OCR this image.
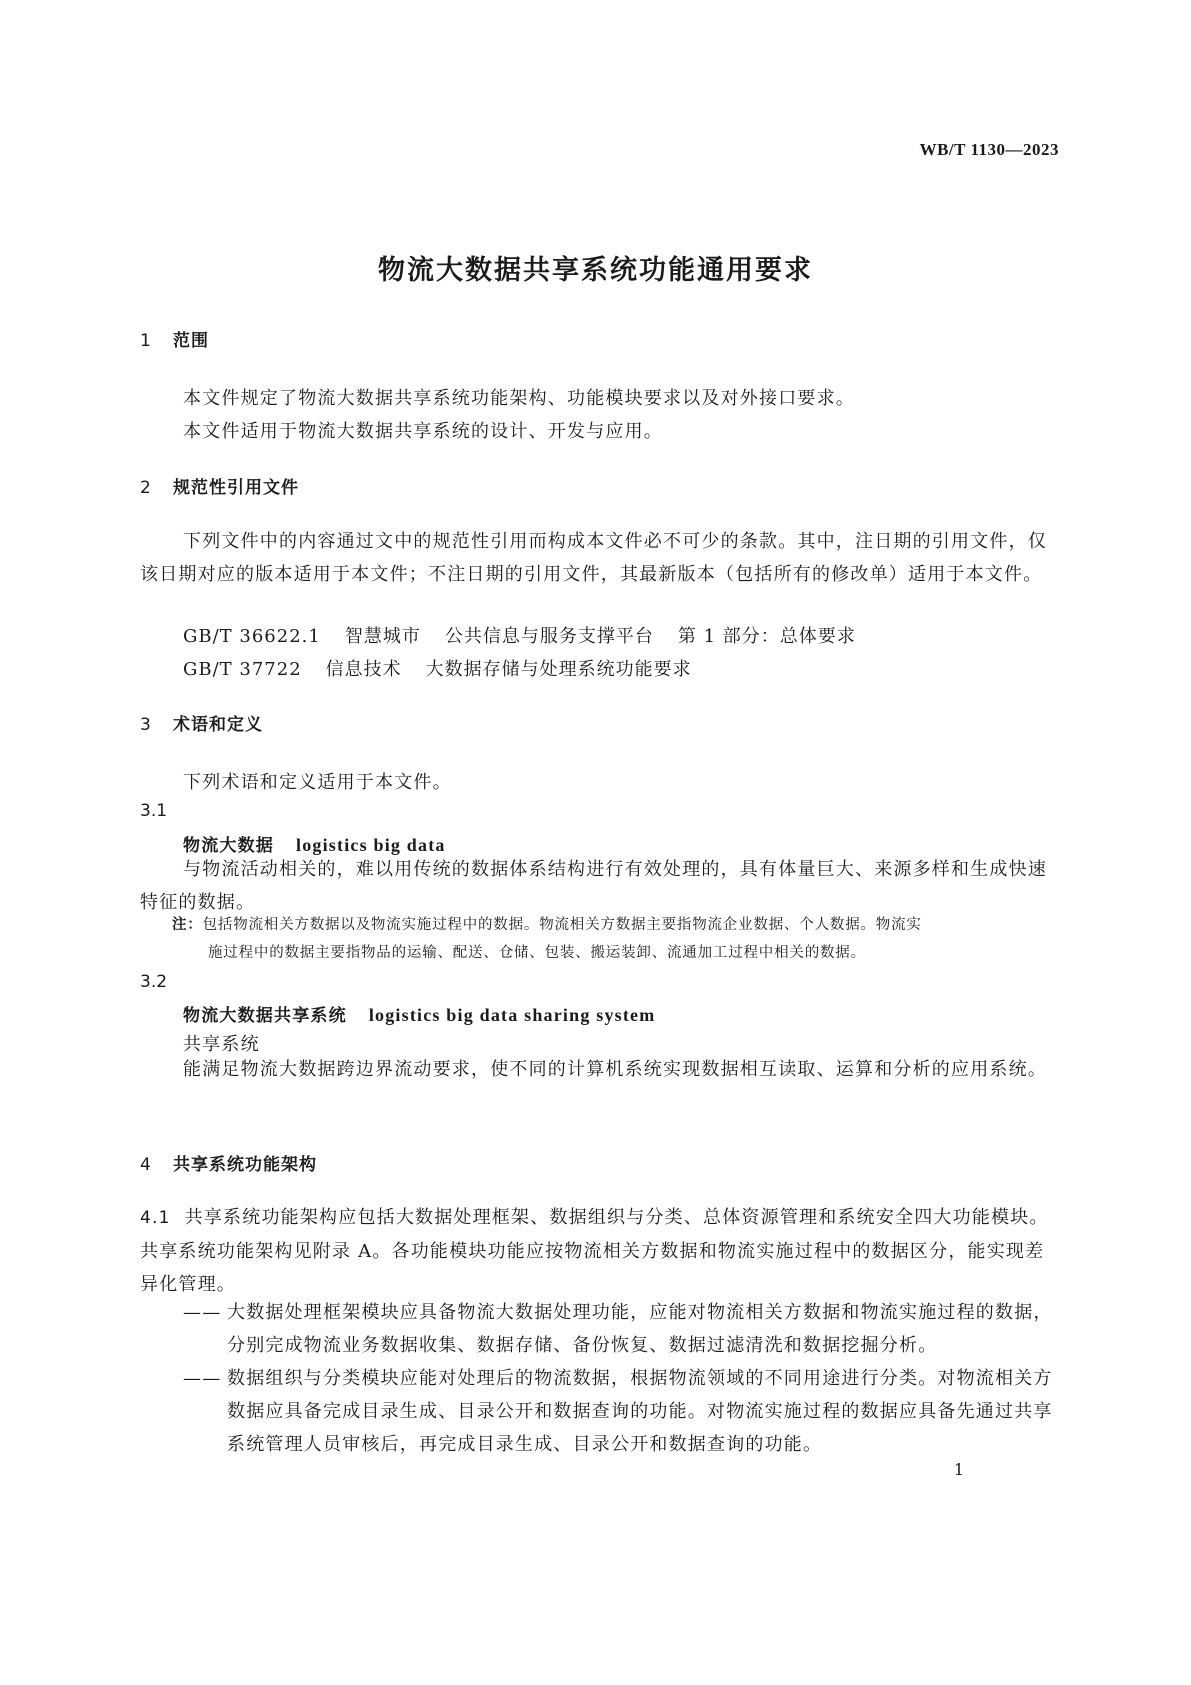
WB/T 1130—2023
物流大数据共享系统功能通用要求
1 范围
本文件规定了物流大数据共享系统功能架构、功能模块要求以及对外接口要求。
本文件适用于物流大数据共享系统的设计、开发与应用。
2 规范性引用文件
下列文件中的内容通过文中的规范性引用而构成本文件必不可少的条款。其中，注日期的引用文件，仅该日期对应的版本适用于本文件；不注日期的引用文件，其最新版本（包括所有的修改单）适用于本文件。
GB/T 36622.1 智慧城市 公共信息与服务支撑平台 第 1 部分：总体要求
GB/T 37722 信息技术 大数据存储与处理系统功能要求
3 术语和定义
下列术语和定义适用于本文件。
3.1
物流大数据 logistics big data
与物流活动相关的，难以用传统的数据体系结构进行有效处理的，具有体量巨大、来源多样和生成快速特征的数据。
注：包括物流相关方数据以及物流实施过程中的数据。物流相关方数据主要指物流企业数据、个人数据。物流实
施过程中的数据主要指物品的运输、配送、仓储、包装、搬运装卸、流通加工过程中相关的数据。
3.2
物流大数据共享系统 logistics big data sharing system
共享系统
能满足物流大数据跨边界流动要求，使不同的计算机系统实现数据相互读取、运算和分析的应用系统。
4 共享系统功能架构
4.1 共享系统功能架构应包括大数据处理框架、数据组织与分类、总体资源管理和系统安全四大功能模块。共享系统功能架构见附录 A。各功能模块功能应按物流相关方数据和物流实施过程中的数据区分，能实现差异化管理。
—— 大数据处理框架模块应具备物流大数据处理功能，应能对物流相关方数据和物流实施过程的数据，分别完成物流业务数据收集、数据存储、备份恢复、数据过滤清洗和数据挖掘分析。
—— 数据组织与分类模块应能对处理后的物流数据，根据物流领域的不同用途进行分类。对物流相关方数据应具备完成目录生成、目录公开和数据查询的功能。对物流实施过程的数据应具备先通过共享系统管理人员审核后，再完成目录生成、目录公开和数据查询的功能。
1
